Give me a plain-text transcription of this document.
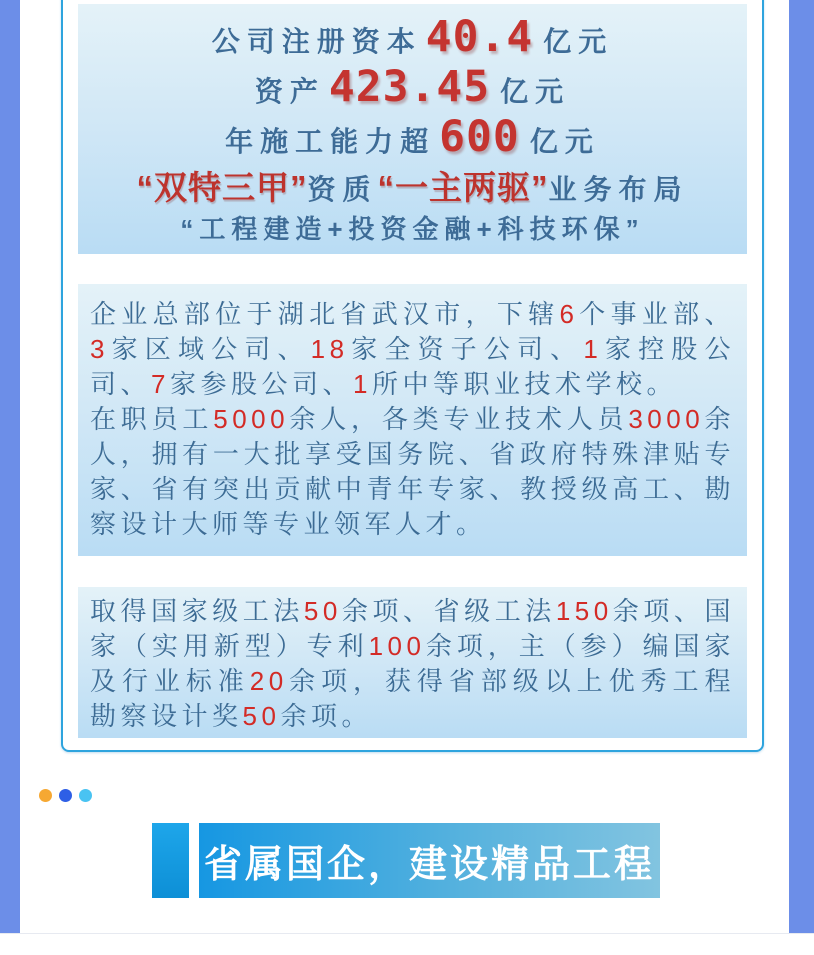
公司注册资本 40.4 亿元
资产 423.45 亿元
年施工能力超 600 亿元
“双特三甲” 资质 “一主两驱” 业务布局
“工程建造+投资金融+科技环保”
企业总部位于湖北省武汉市，下辖6个事业部、3家区域公司、18家全资子公司、1家控股公司、7家参股公司、1所中等职业技术学校。
在职员工5000余人，各类专业技术人员3000余人，拥有一大批享受国务院、省政府特殊津贴专家、省有突出贡献中青年专家、教授级高工、勘察设计大师等专业领军人才。
取得国家级工法50余项、省级工法150余项、国家（实用新型）专利100余项，主（参）编国家及行业标准20余项，获得省部级以上优秀工程勘察设计奖50余项。
省属国企，建设精品工程
